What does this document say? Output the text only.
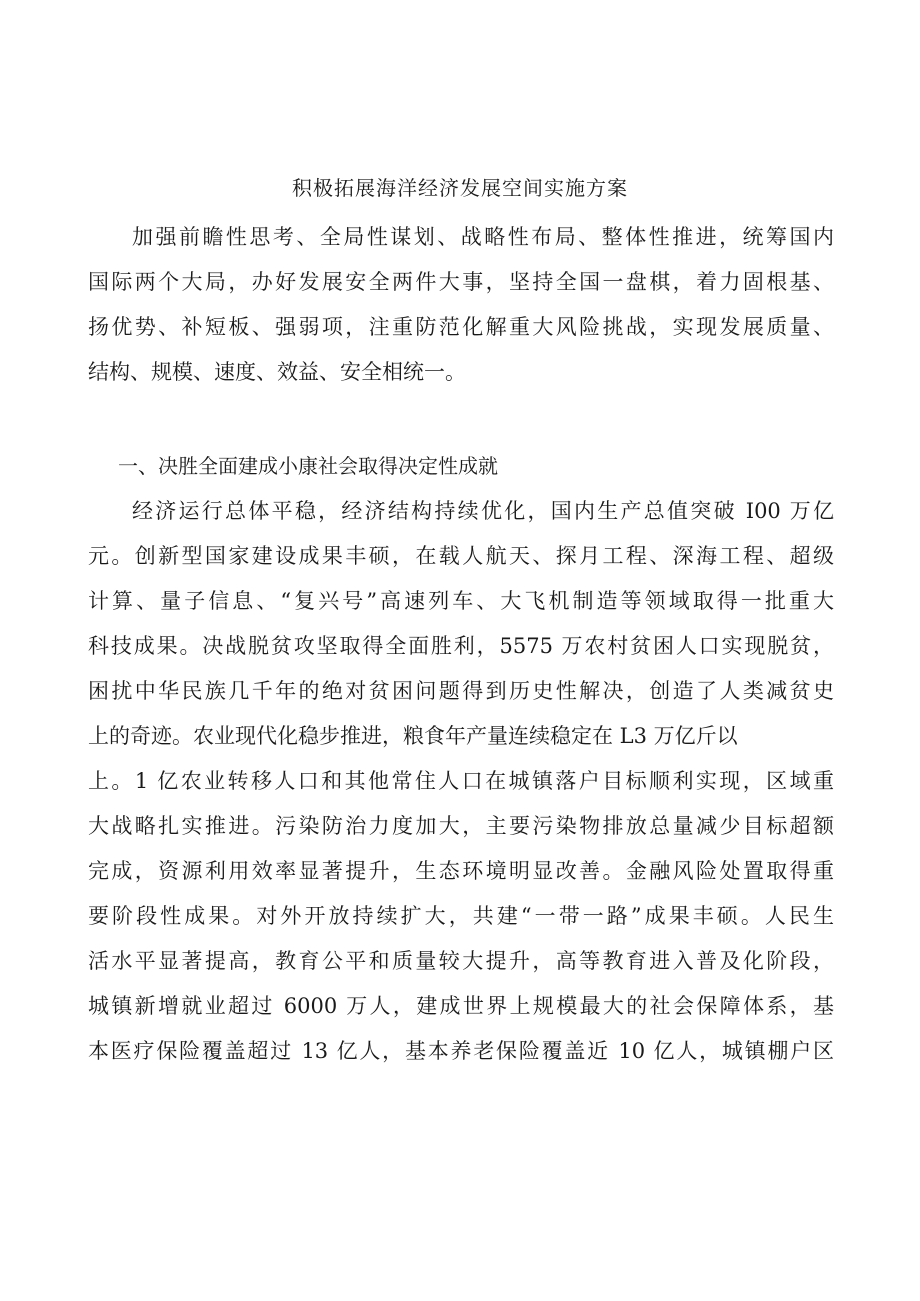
积极拓展海洋经济发展空间实施方案
加强前瞻性思考、全局性谋划、战略性布局、整体性推进，统筹国内
国际两个大局，办好发展安全两件大事，坚持全国一盘棋，着力固根基、
扬优势、补短板、强弱项，注重防范化解重大风险挑战，实现发展质量、
结构、规模、速度、效益、安全相统一。
一、决胜全面建成小康社会取得决定性成就
经济运行总体平稳，经济结构持续优化，国内生产总值突破 I00 万亿
元。创新型国家建设成果丰硕，在载人航天、探月工程、深海工程、超级
计算、量子信息、“复兴号”高速列车、大飞机制造等领域取得一批重大
科技成果。决战脱贫攻坚取得全面胜利，5575 万农村贫困人口实现脱贫，
困扰中华民族几千年的绝对贫困问题得到历史性解决，创造了人类减贫史
上的奇迹。农业现代化稳步推进，粮食年产量连续稳定在 L3 万亿斤以
上。1 亿农业转移人口和其他常住人口在城镇落户目标顺利实现，区域重
大战略扎实推进。污染防治力度加大，主要污染物排放总量减少目标超额
完成，资源利用效率显著提升，生态环境明显改善。金融风险处置取得重
要阶段性成果。对外开放持续扩大，共建“一带一路”成果丰硕。人民生
活水平显著提高，教育公平和质量较大提升，高等教育进入普及化阶段，
城镇新增就业超过 6000 万人，建成世界上规模最大的社会保障体系，基
本医疗保险覆盖超过 13 亿人，基本养老保险覆盖近 10 亿人，城镇棚户区
